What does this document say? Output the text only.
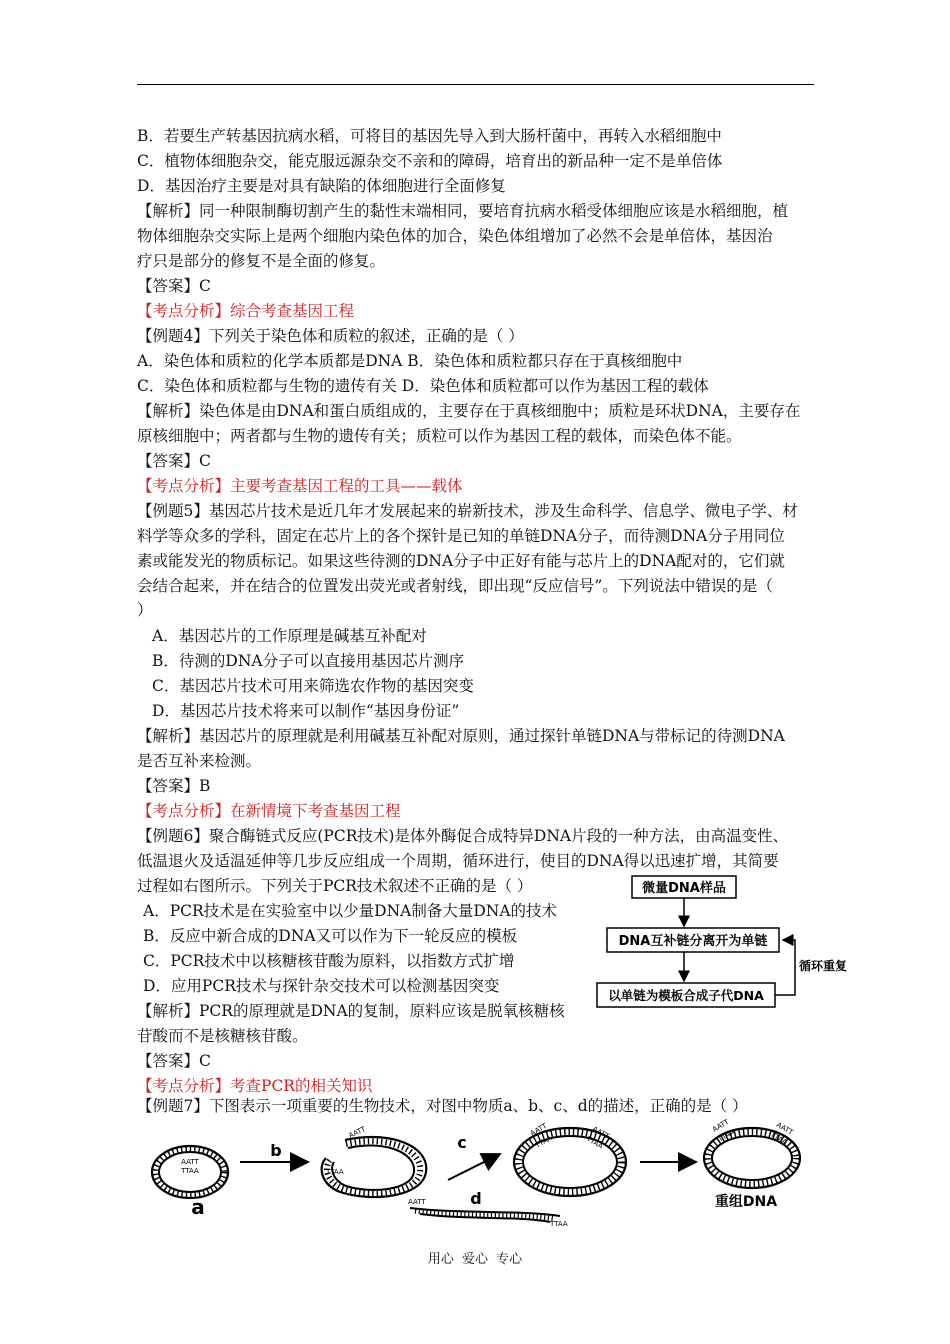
B．若要生产转基因抗病水稻，可将目的基因先导入到大肠杆菌中，再转入水稻细胞中
C．植物体细胞杂交，能克服远源杂交不亲和的障碍，培育出的新品种一定不是单倍体
D．基因治疗主要是对具有缺陷的体细胞进行全面修复
【解析】同一种限制酶切割产生的黏性末端相同，要培育抗病水稻受体细胞应该是水稻细胞，植
物体细胞杂交实际上是两个细胞内染色体的加合，染色体组增加了必然不会是单倍体，基因治
疗只是部分的修复不是全面的修复。
【答案】C
【考点分析】综合考查基因工程
【例题4】下列关于染色体和质粒的叙述，正确的是（ ）
A．染色体和质粒的化学本质都是DNA B．染色体和质粒都只存在于真核细胞中
C．染色体和质粒都与生物的遗传有关 D．染色体和质粒都可以作为基因工程的载体
【解析】染色体是由DNA和蛋白质组成的，主要存在于真核细胞中；质粒是环状DNA，主要存在
原核细胞中；两者都与生物的遗传有关；质粒可以作为基因工程的载体，而染色体不能。
【答案】C
【考点分析】主要考查基因工程的工具——载体
【例题5】基因芯片技术是近几年才发展起来的崭新技术，涉及生命科学、信息学、微电子学、材
料学等众多的学科，固定在芯片上的各个探针是已知的单链DNA分子，而待测DNA分子用同位
素或能发光的物质标记。如果这些待测的DNA分子中正好有能与芯片上的DNA配对的，它们就
会结合起来，并在结合的位置发出荧光或者射线，即出现“反应信号”。下列说法中错误的是（
）
A．基因芯片的工作原理是碱基互补配对
B．待测的DNA分子可以直接用基因芯片测序
C．基因芯片技术可用来筛选农作物的基因突变
D．基因芯片技术将来可以制作“基因身份证”
【解析】基因芯片的原理就是利用碱基互补配对原则，通过探针单链DNA与带标记的待测DNA
是否互补来检测。
【答案】B
【考点分析】在新情境下考查基因工程
【例题6】聚合酶链式反应(PCR技术)是体外酶促合成特异DNA片段的一种方法，由高温变性、
低温退火及适温延伸等几步反应组成一个周期，循环进行，使目的DNA得以迅速扩增，其简要
过程如右图所示。下列关于PCR技术叙述不正确的是（ ）
A．PCR技术是在实验室中以少量DNA制备大量DNA的技术
B．反应中新合成的DNA又可以作为下一轮反应的模板
C．PCR技术中以核糖核苷酸为原料，以指数方式扩增
D．应用PCR技术与探针杂交技术可以检测基因突变
【解析】PCR的原理就是DNA的复制，原料应该是脱氧核糖核
苷酸而不是核糖核苷酸。
【答案】C
【考点分析】考查PCR的相关知识
【例题7】下图表示一项重要的生物技术，对图中物质a、b、c、d的描述，正确的是（ ）
微量DNA样品
DNA互补链分离开为单链
以单链为模板合成子代DNA
循环重复
AATT
TTAA
a
b
AATT
TTAA
c
d
AATT
TTAA
AATT
TTAA
AATT
TTAA
AATT
TTAA	AATT
TTAA
重组DNA
用心 爱心 专心
